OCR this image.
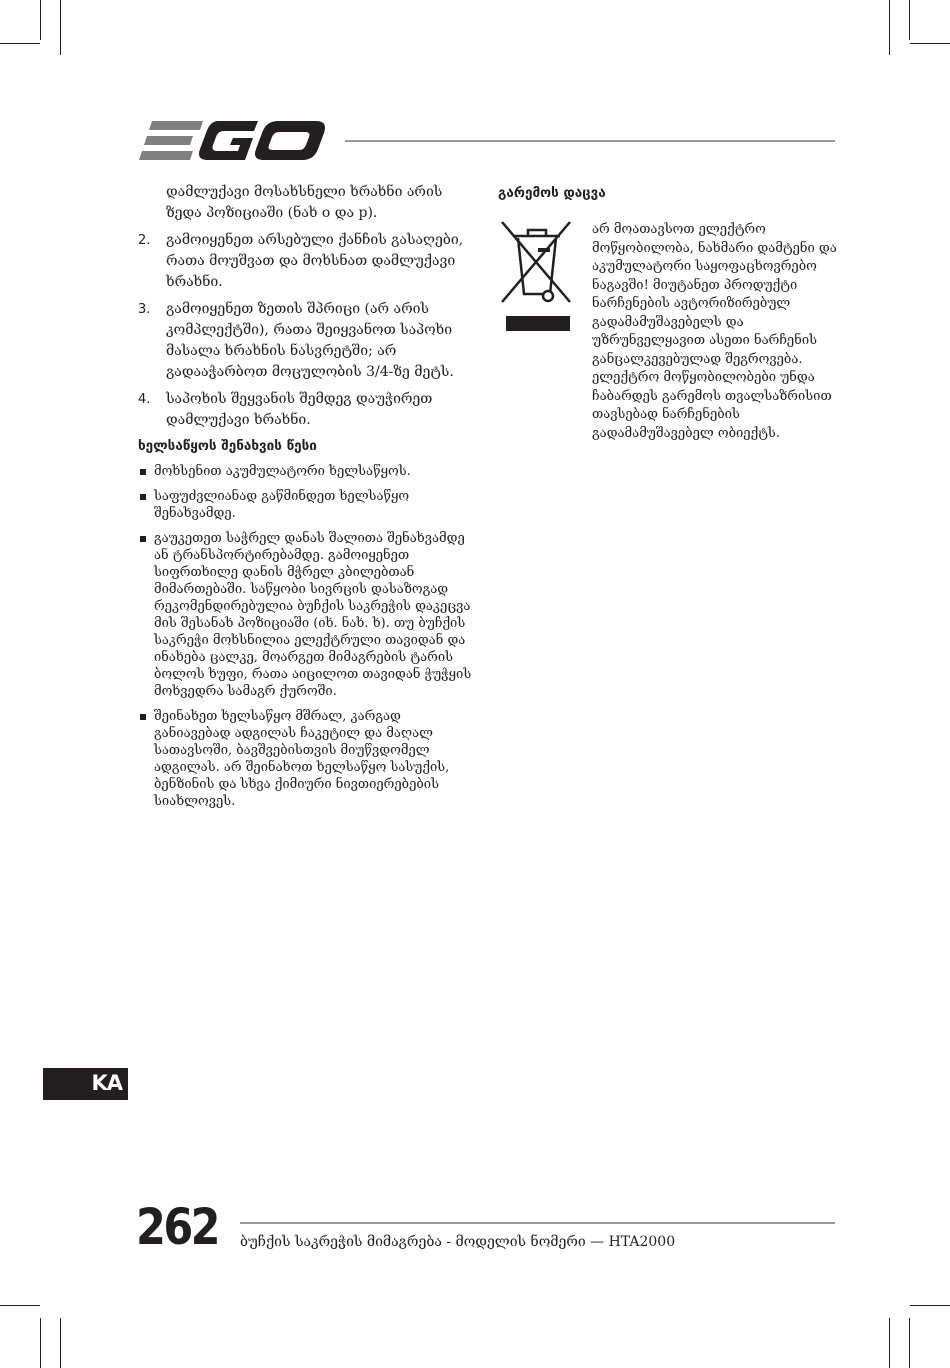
დამლუქავი მოსახსნელი ხრახნი არის ზედა პოზიციაში (ნახ o და p).

2. გამოიყენეთ არსებული ქანჩის გასაღები, რათა მოუშვათ და მოხსნათ დამლუქავი ხრახნი.
3. გამოიყენეთ ზეთის შპრიცი (არ არის კომპლექტში), რათა შეიყვანოთ საპოხი მასალა ხრახნის ნასვრეტში; არ გადააჭარბოთ მოცულობის 3/4-ზე მეტს.
4. საპოხის შეყვანის შემდეგ დაუჭირეთ დამლუქავი ხრახნი.
ხელსაწყოს შენახვის წესი
მოხსენით აკუმულატორი ხელსაწყოს.
საფუძვლიანად გაწმინდეთ ხელსაწყო შენახვამდე.
გაუკეთეთ საჭრელ დანას შალითა შენახვამდე ან ტრანსპორტირებამდე. გამოიყენეთ სიფრთხილე დანის მჭრელ კბილებთან მიმართებაში. საწყობი სივრცის დასაზოგად რეკომენდირებულია ბუჩქის საკრეჭის დაკეცვა მის შესანახ პოზიციაში (იხ. ნახ. ხ). თუ ბუჩქის საკრეჭი მოხსნილია ელექტრული თავიდან და ინახება ცალკე, მოარგეთ მიმაგრების ტარის ბოლოს ხუფი, რათა აიცილოთ თავიდან ჭუჭყის მოხვედრა სამაგრ ქუროში.
შეინახეთ ხელსაწყო მშრალ, კარგად განიავებად ადგილას ჩაკეტილ და მაღალ სათავსოში, ბავშვებისთვის მიუწვდომელ ადგილას. არ შეინახოთ ხელსაწყო სასუქის, ბენზინის და სხვა ქიმიური ნივთიერებების სიახლოვეს.
გარემოს დაცვა

არ მოათავსოთ ელექტრო მოწყობილობა, ნახმარი დამტენი და აკუმულატორი საყოფაცხოვრებო ნაგავში! მიუტანეთ პროდუქტი ნარჩენების ავტორიზირებულ გადამამუშავებელს და უზრუნველყავით ასეთი ნარჩენის განცალკევებულად შეგროვება. ელექტრო მოწყობილობები უნდა ჩაბარდეს გარემოს თვალსაზრისით თავსებად ნარჩენების გადამამუშავებელ ობიექტს.

KA
262 ბუჩქის საკრეჭის მიმაგრება - მოდელის ნომერი — HTA2000
